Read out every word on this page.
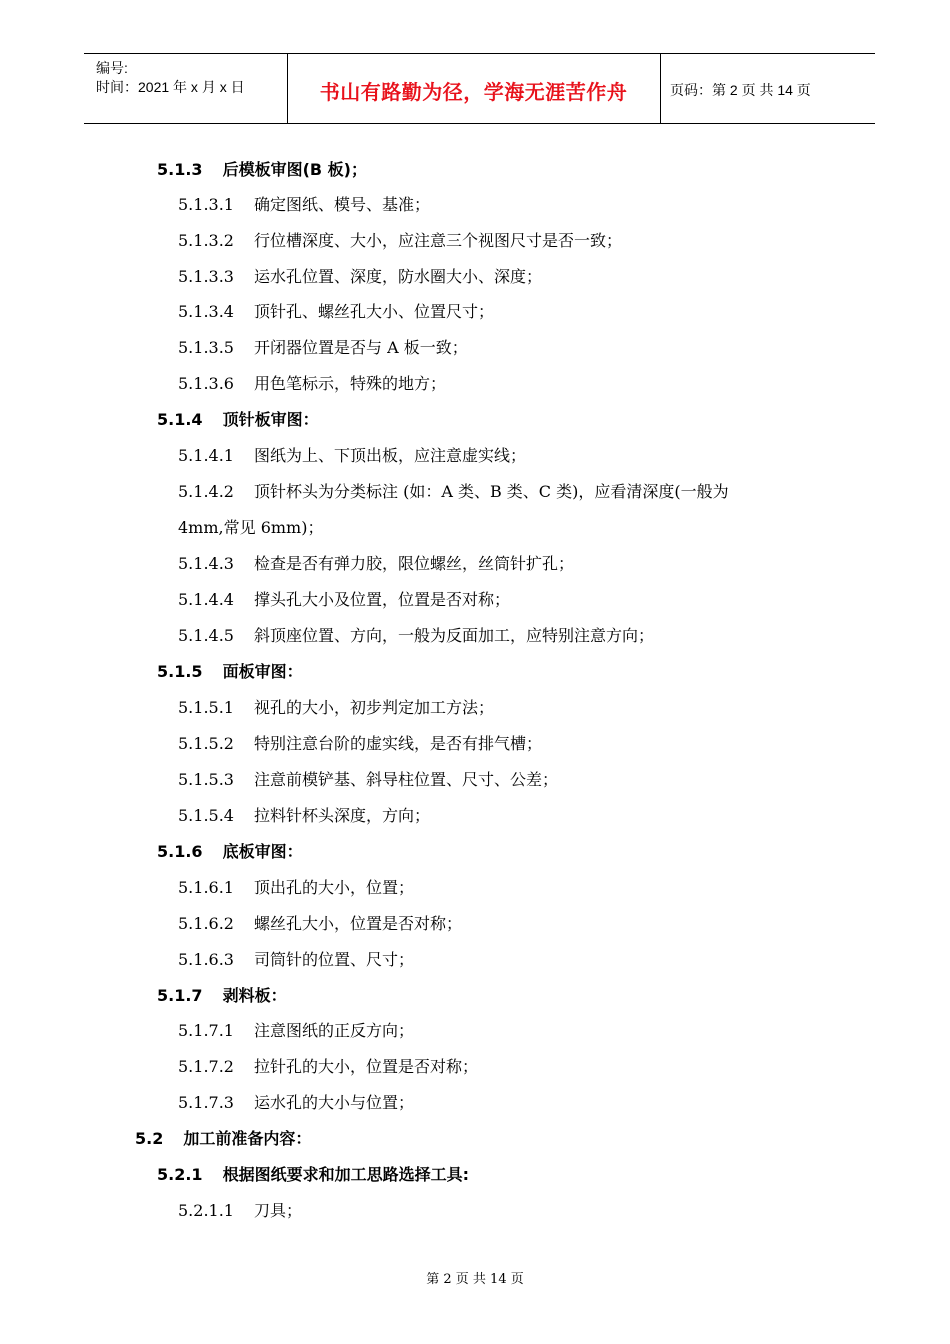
编号:
时间：2021 年 x 月 x 日	书山有路勤为径，学海无涯苦作舟	页码：第 2 页 共 14 页
5.1.3 后模板审图(B 板)；
5.1.3.1 确定图纸、模号、基准；
5.1.3.2 行位槽深度、大小，应注意三个视图尺寸是否一致；
5.1.3.3 运水孔位置、深度，防水圈大小、深度；
5.1.3.4 顶针孔、螺丝孔大小、位置尺寸；
5.1.3.5 开闭器位置是否与 A 板一致；
5.1.3.6 用色笔标示，特殊的地方；
5.1.4 顶针板审图：
5.1.4.1 图纸为上、下顶出板，应注意虚实线；
5.1.4.2 顶针杯头为分类标注 (如：A 类、B 类、C 类)，应看清深度(一般为
4mm,常见 6mm)；
5.1.4.3 检查是否有弹力胶，限位螺丝，丝筒针扩孔；
5.1.4.4 撑头孔大小及位置，位置是否对称；
5.1.4.5 斜顶座位置、方向，一般为反面加工，应特别注意方向；
5.1.5 面板审图：
5.1.5.1 视孔的大小，初步判定加工方法；
5.1.5.2 特别注意台阶的虚实线，是否有排气槽；
5.1.5.3 注意前模铲基、斜导柱位置、尺寸、公差；
5.1.5.4 拉料针杯头深度，方向；
5.1.6 底板审图：
5.1.6.1 顶出孔的大小，位置；
5.1.6.2 螺丝孔大小，位置是否对称；
5.1.6.3 司筒针的位置、尺寸；
5.1.7 剥料板：
5.1.7.1 注意图纸的正反方向；
5.1.7.2 拉针孔的大小，位置是否对称；
5.1.7.3 运水孔的大小与位置；
5.2 加工前准备内容：
5.2.1 根据图纸要求和加工思路选择工具:
5.2.1.1 刀具；
第 2 页 共 14 页
